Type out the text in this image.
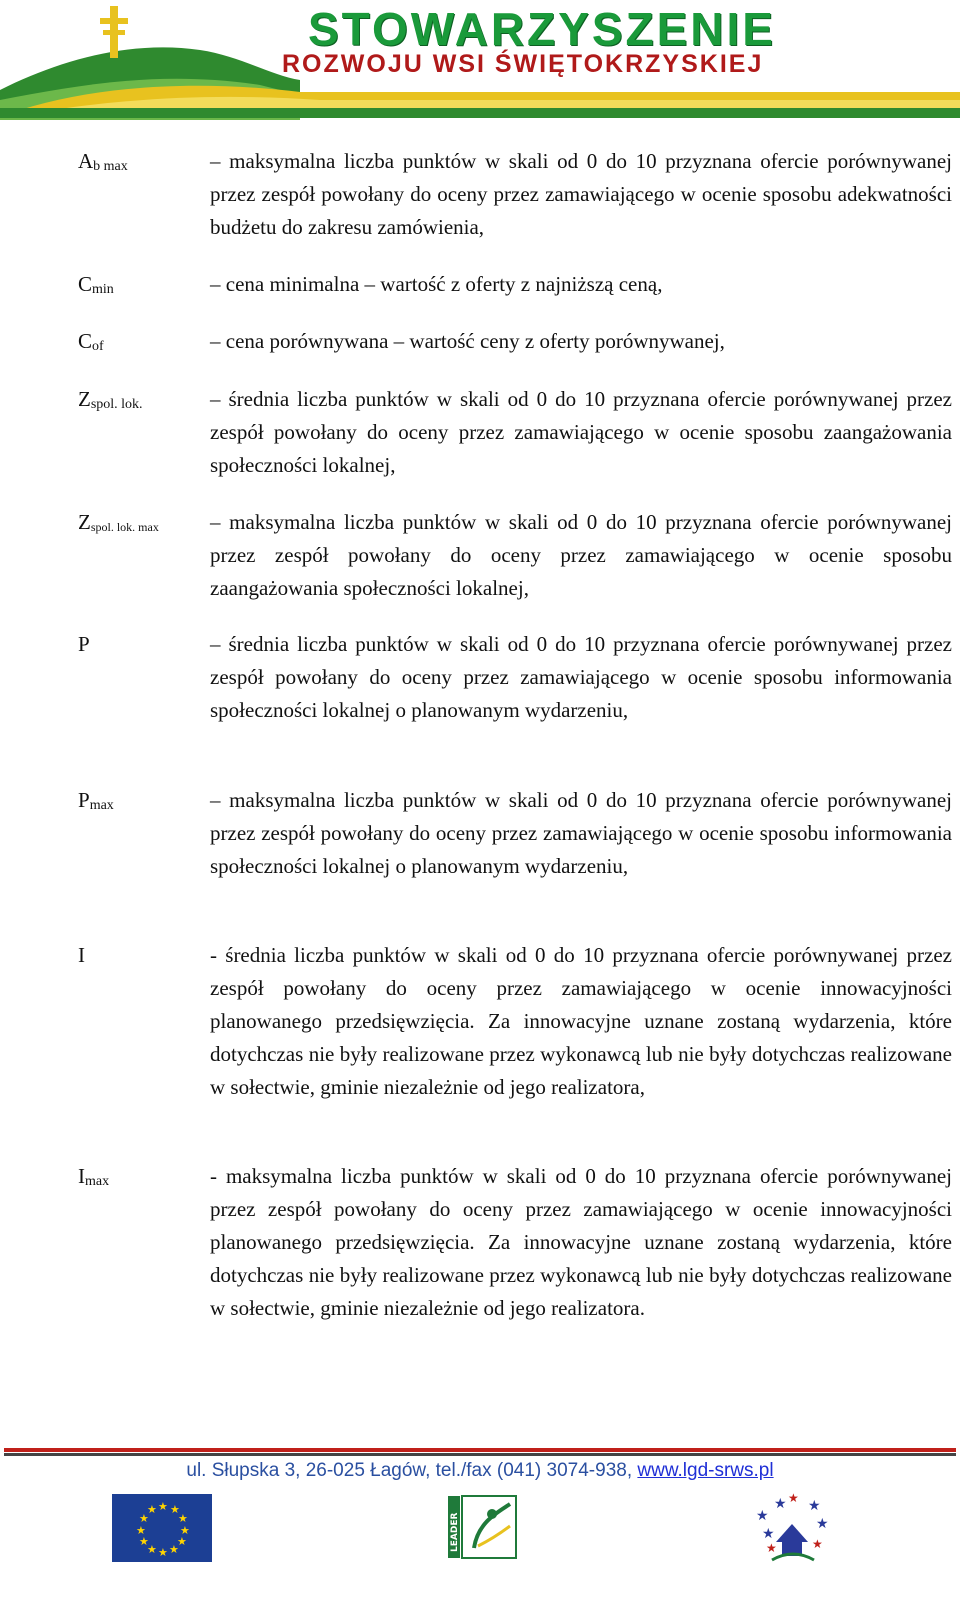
STOWARZYSZENIE
ROZWOJU WSI ŚWIĘTOKRZYSKIEJ
$A_{b max}$	– maksymalna liczba punktów w skali od 0 do 10 przyznana ofercie porównywanej przez zespół powołany do oceny przez zamawiającego w ocenie sposobu adekwatności budżetu do zakresu zamówienia,
$C_{min}$	– cena minimalna – wartość z oferty z najniższą ceną,
$C_{of}$	– cena porównywana – wartość ceny z oferty porównywanej,
$Z_{spol. lok.}$	– średnia liczba punktów w skali od 0 do 10 przyznana ofercie porównywanej przez zespół powołany do oceny przez zamawiającego w ocenie sposobu zaangażowania społeczności lokalnej,
$Z_{spol. lok. max}$ – maksymalna liczba punktów w skali od 0 do 10 przyznana ofercie porównywanej przez zespół powołany do oceny przez zamawiającego w ocenie sposobu zaangażowania społeczności lokalnej,
P	– średnia liczba punktów w skali od 0 do 10 przyznana ofercie porównywanej przez zespół powołany do oceny przez zamawiającego w ocenie sposobu informowania społeczności lokalnej o planowanym wydarzeniu,
$P_{max}$	– maksymalna liczba punktów w skali od 0 do 10 przyznana ofercie porównywanej przez zespół powołany do oceny przez zamawiającego w ocenie sposobu informowania społeczności lokalnej o planowanym wydarzeniu,
I	- średnia liczba punktów w skali od 0 do 10 przyznana ofercie porównywanej przez zespół powołany do oceny przez zamawiającego w ocenie innowacyjności planowanego przedsięwzięcia. Za innowacyjne uznane zostaną wydarzenia, które dotychczas nie były realizowane przez wykonawcą lub nie były dotychczas realizowane w sołectwie, gminie niezależnie od jego realizatora,
$I_{max}$	- maksymalna liczba punktów w skali od 0 do 10 przyznana ofercie porównywanej przez zespół powołany do oceny przez zamawiającego w ocenie innowacyjności planowanego przedsięwzięcia. Za innowacyjne uznane zostaną wydarzenia, które dotychczas nie były realizowane przez wykonawcą lub nie były dotychczas realizowane w sołectwie, gminie niezależnie od jego realizatora.
ul. Słupska 3, 26-025 Łagów, tel./fax (041) 3074-938, www.lgd-srws.pl
★ ★
★
★
★
★
★
★
★
★
★
★
LEADER	★
★
★ ★
★
★
★	★
